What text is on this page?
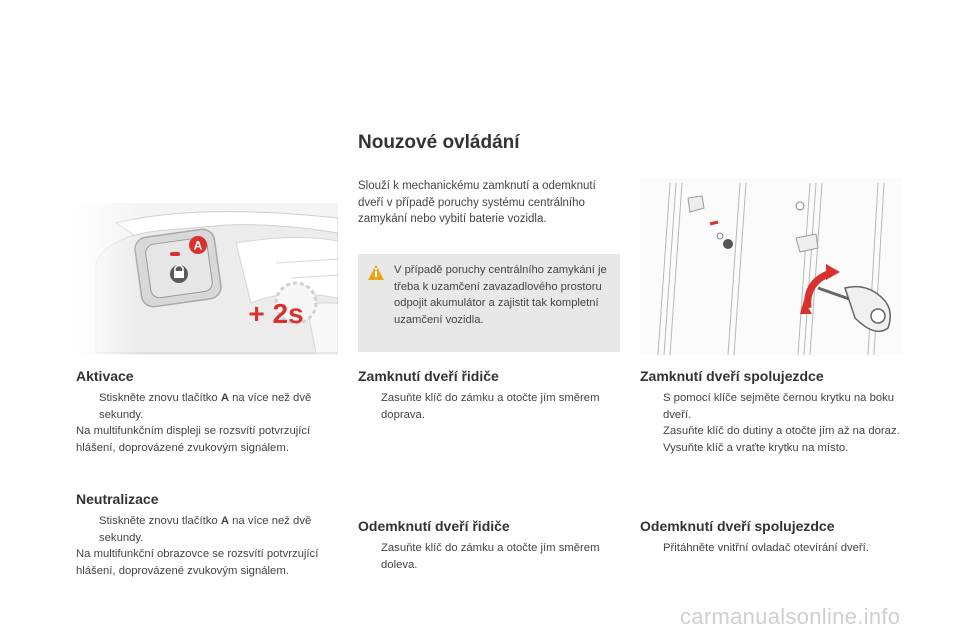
Nouzové ovládání
Slouží k mechanickému zamknutí a odemknutí dveří v případě poruchy systému centrálního zamykání nebo vybití baterie vozidla.
V případě poruchy centrálního zamykání je třeba k uzamčení zavazadlového prostoru odpojit akumulátor a zajistit tak kompletní uzamčení vozidla.
Aktivace
Stiskněte znovu tlačítko A na více než dvě sekundy.
Na multifunkčním displeji se rozsvítí potvrzující hlášení, doprovázené zvukovým signálem.
Neutralizace
Stiskněte znovu tlačítko A na více než dvě sekundy.
Na multifunkční obrazovce se rozsvítí potvrzující hlášení, doprovázené zvukovým signálem.
Zamknutí dveří řidiče
Zasuňte klíč do zámku a otočte jím směrem doprava.
Odemknutí dveří řidiče
Zasuňte klíč do zámku a otočte jím směrem doleva.
Zamknutí dveří spolujezdce
S pomocí klíče sejměte černou krytku na boku dveří.
Zasuňte klíč do dutiny a otočte jím až na doraz.
Vysuňte klíč a vraťte krytku na místo.
Odemknutí dveří spolujezdce
Přitáhněte vnitřní ovladač otevírání dveří.
carmanualsonline.info
